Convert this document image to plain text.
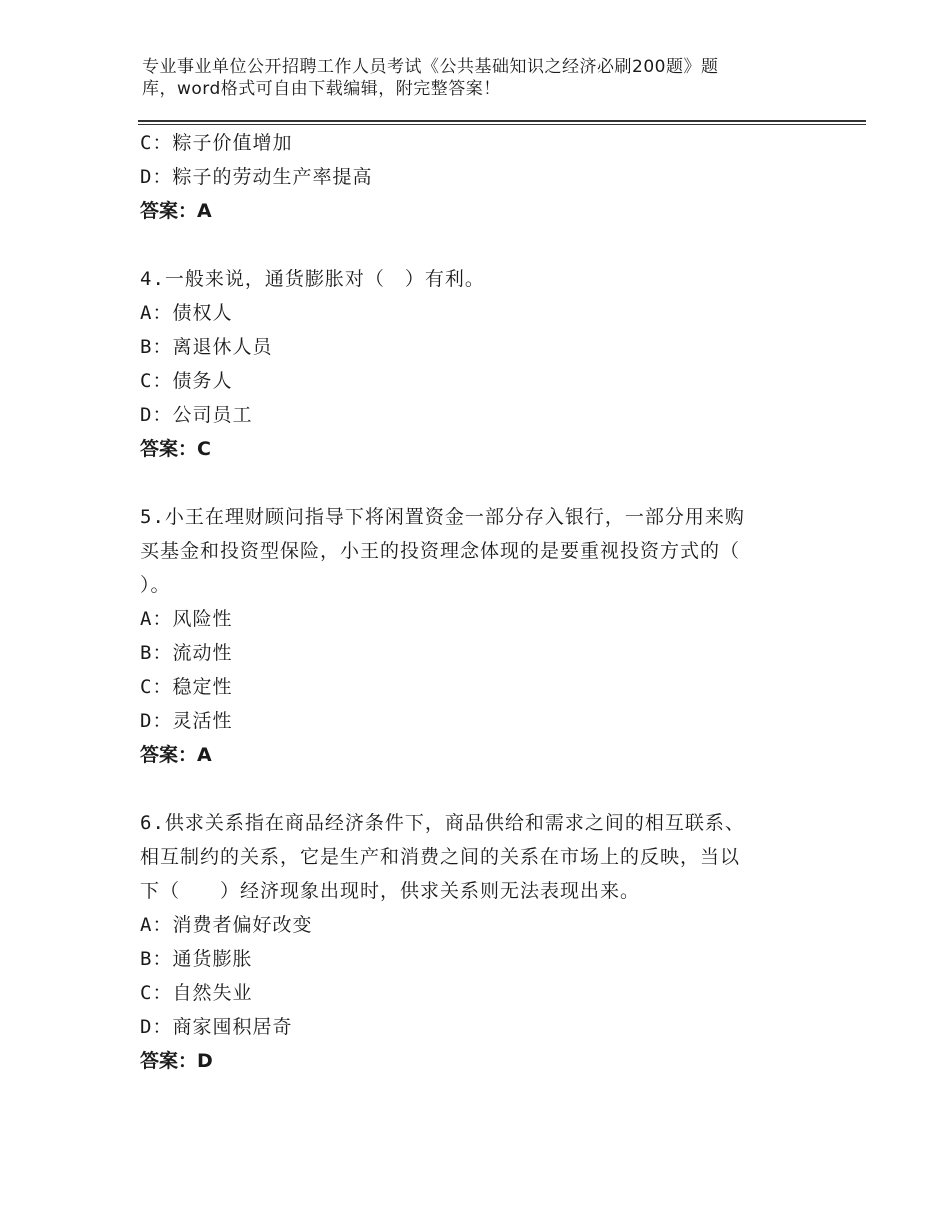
专业事业单位公开招聘工作人员考试《公共基础知识之经济必刷200题》题
库，word格式可自由下载编辑，附完整答案！
C：粽子价值增加
D：粽子的劳动生产率提高
答案：A
4.一般来说，通货膨胀对（　）有利。
A：债权人
B：离退休人员
C：债务人
D：公司员工
答案：C
5.小王在理财顾问指导下将闲置资金一部分存入银行，一部分用来购
买基金和投资型保险，小王的投资理念体现的是要重视投资方式的（
）。
A：风险性
B：流动性
C：稳定性
D：灵活性
答案：A
6.供求关系指在商品经济条件下，商品供给和需求之间的相互联系、
相互制约的关系，它是生产和消费之间的关系在市场上的反映，当以
下（　　）经济现象出现时，供求关系则无法表现出来。
A：消费者偏好改变
B：通货膨胀
C：自然失业
D：商家囤积居奇
答案：D
